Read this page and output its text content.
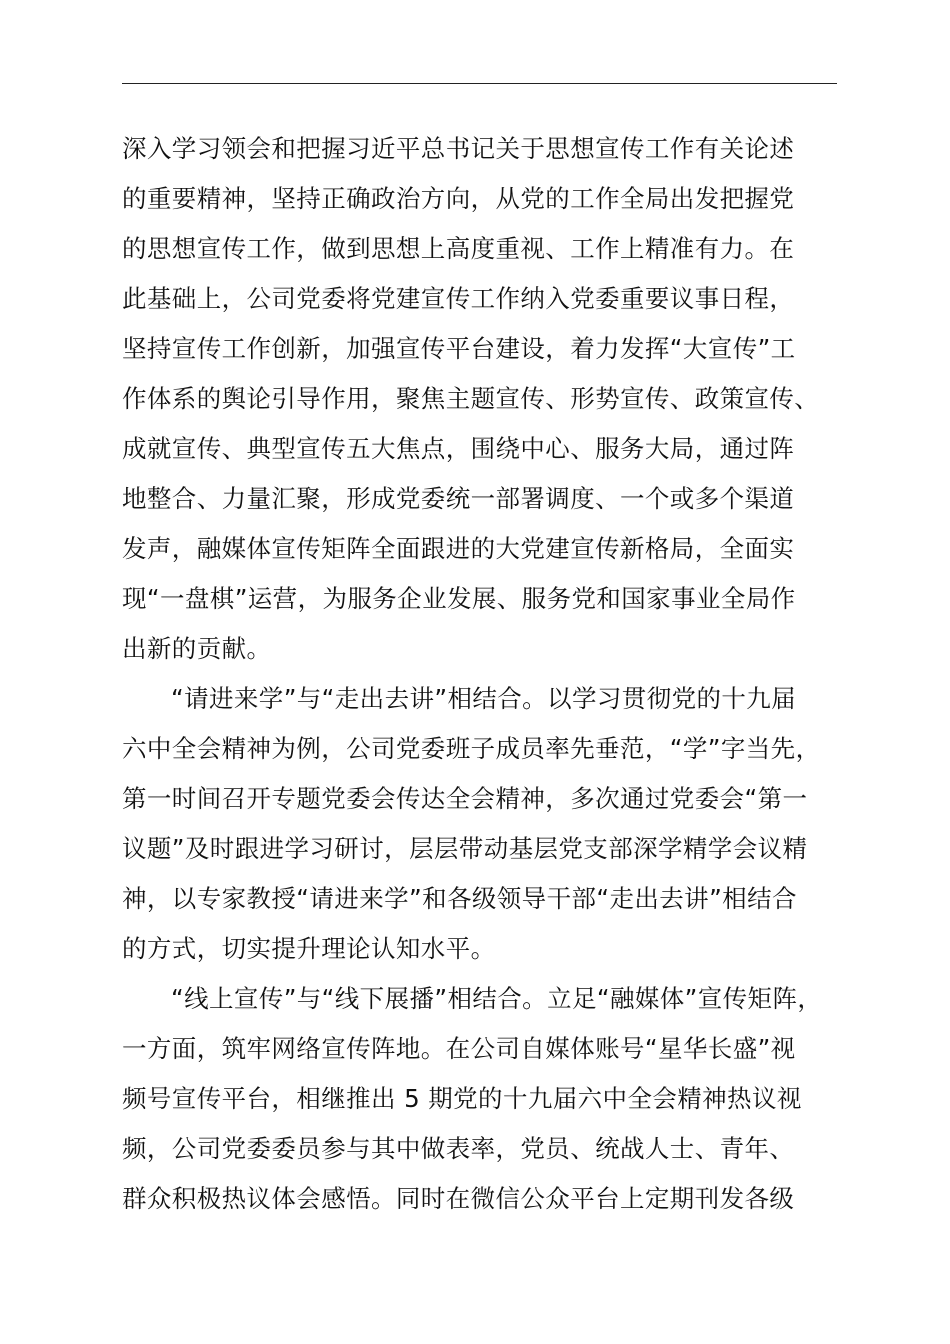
深入学习领会和把握习近平总书记关于思想宣传工作有关论述
的重要精神，坚持正确政治方向，从党的工作全局出发把握党
的思想宣传工作，做到思想上高度重视、工作上精准有力。在
此基础上，公司党委将党建宣传工作纳入党委重要议事日程，
坚持宣传工作创新，加强宣传平台建设，着力发挥“大宣传”工
作体系的舆论引导作用，聚焦主题宣传、形势宣传、政策宣传、
成就宣传、典型宣传五大焦点，围绕中心、服务大局，通过阵
地整合、力量汇聚，形成党委统一部署调度、一个或多个渠道
发声，融媒体宣传矩阵全面跟进的大党建宣传新格局，全面实
现“一盘棋”运营，为服务企业发展、服务党和国家事业全局作
出新的贡献。
“请进来学”与“走出去讲”相结合。以学习贯彻党的十九届
六中全会精神为例，公司党委班子成员率先垂范，“学”字当先，
第一时间召开专题党委会传达全会精神，多次通过党委会“第一
议题”及时跟进学习研讨，层层带动基层党支部深学精学会议精
神，以专家教授“请进来学”和各级领导干部“走出去讲”相结合
的方式，切实提升理论认知水平。
“线上宣传”与“线下展播”相结合。立足“融媒体”宣传矩阵，
一方面，筑牢网络宣传阵地。在公司自媒体账号“星华长盛”视
频号宣传平台，相继推出 5 期党的十九届六中全会精神热议视
频，公司党委委员参与其中做表率，党员、统战人士、青年、
群众积极热议体会感悟。同时在微信公众平台上定期刊发各级
